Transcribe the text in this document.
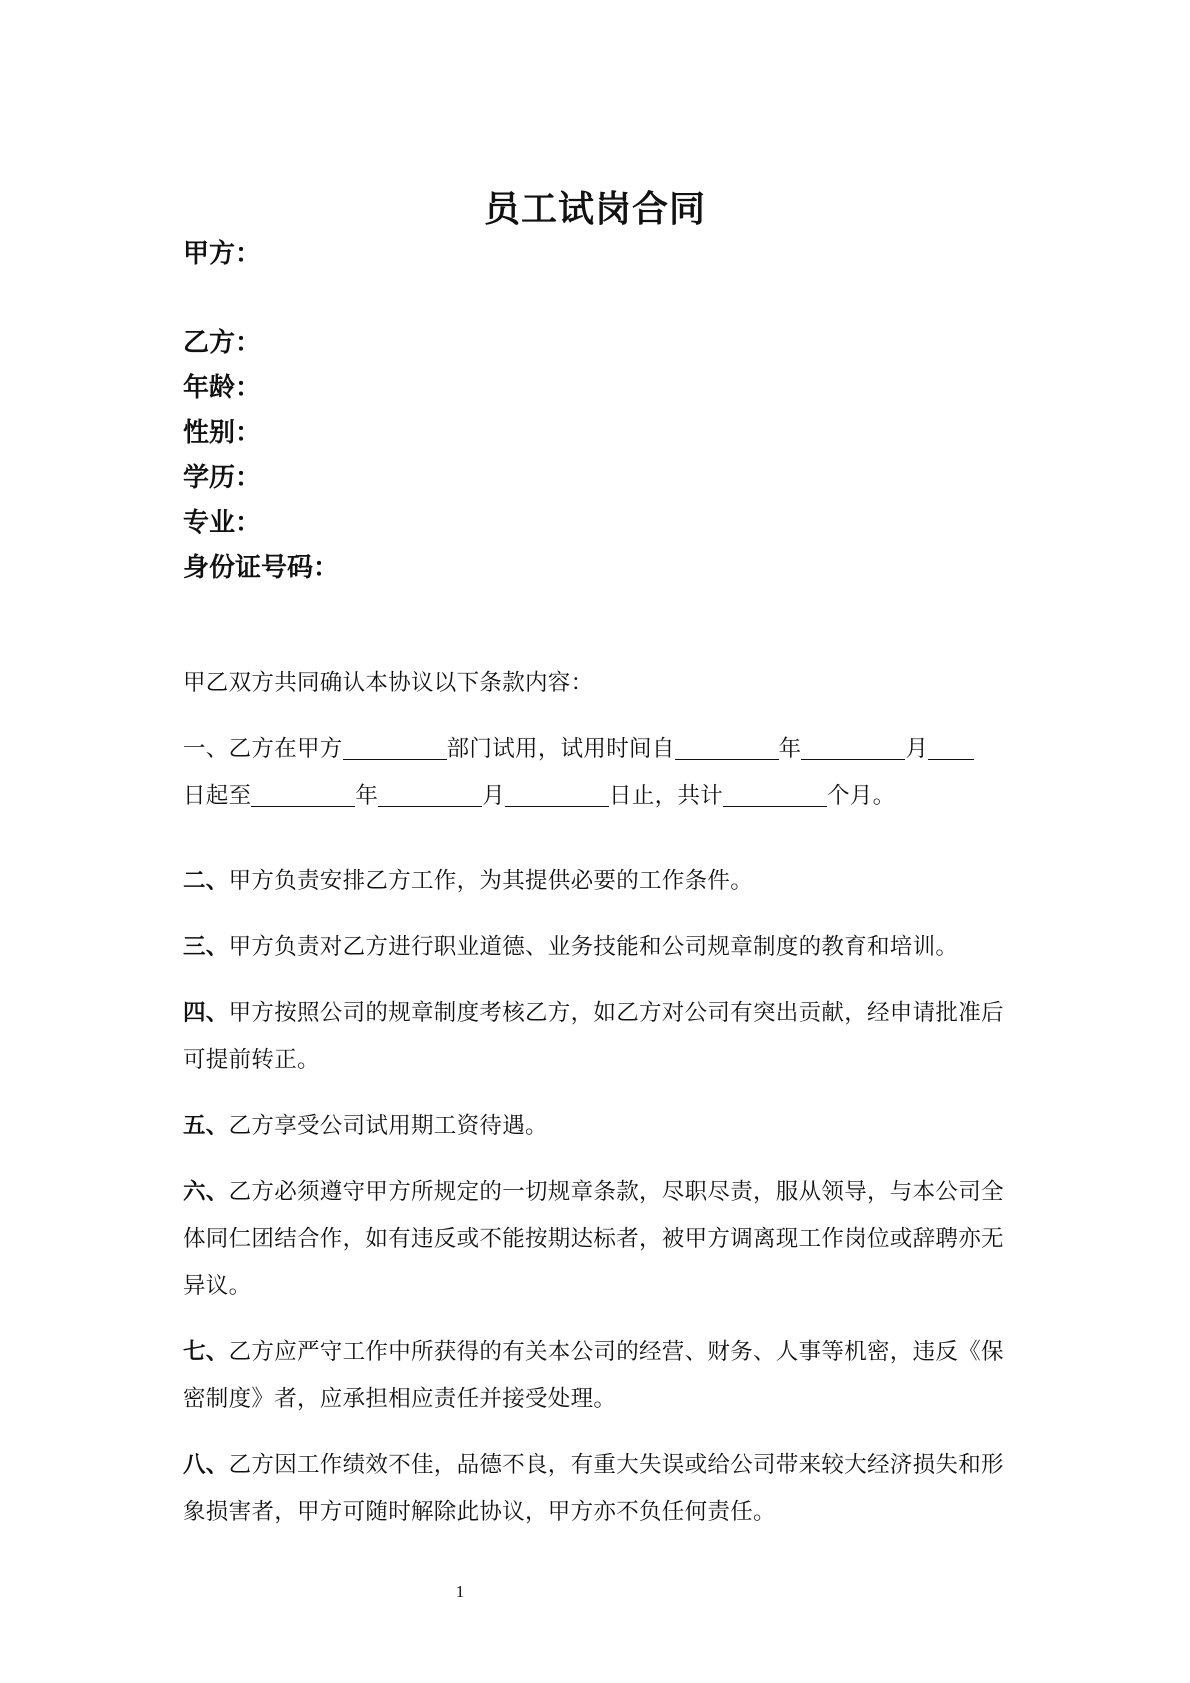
员工试岗合同
甲方：
乙方：
年龄：
性别：
学历：
专业：
身份证号码：
甲乙双方共同确认本协议以下条款内容：
一、乙方在甲方	部门试用，试用时间自	年	月
日起至	年	月	日止，共计	个月。
二、甲方负责安排乙方工作，为其提供必要的工作条件。
三、甲方负责对乙方进行职业道德、业务技能和公司规章制度的教育和培训。
四、甲方按照公司的规章制度考核乙方，如乙方对公司有突出贡献，经申请批准后可提前转正。
五、乙方享受公司试用期工资待遇。
六、乙方必须遵守甲方所规定的一切规章条款，尽职尽责，服从领导，与本公司全体同仁团结合作，如有违反或不能按期达标者，被甲方调离现工作岗位或辞聘亦无异议。
七、乙方应严守工作中所获得的有关本公司的经营、财务、人事等机密，违反《保密制度》者，应承担相应责任并接受处理。
八、乙方因工作绩效不佳，品德不良，有重大失误或给公司带来较大经济损失和形象损害者，甲方可随时解除此协议，甲方亦不负任何责任。
1
